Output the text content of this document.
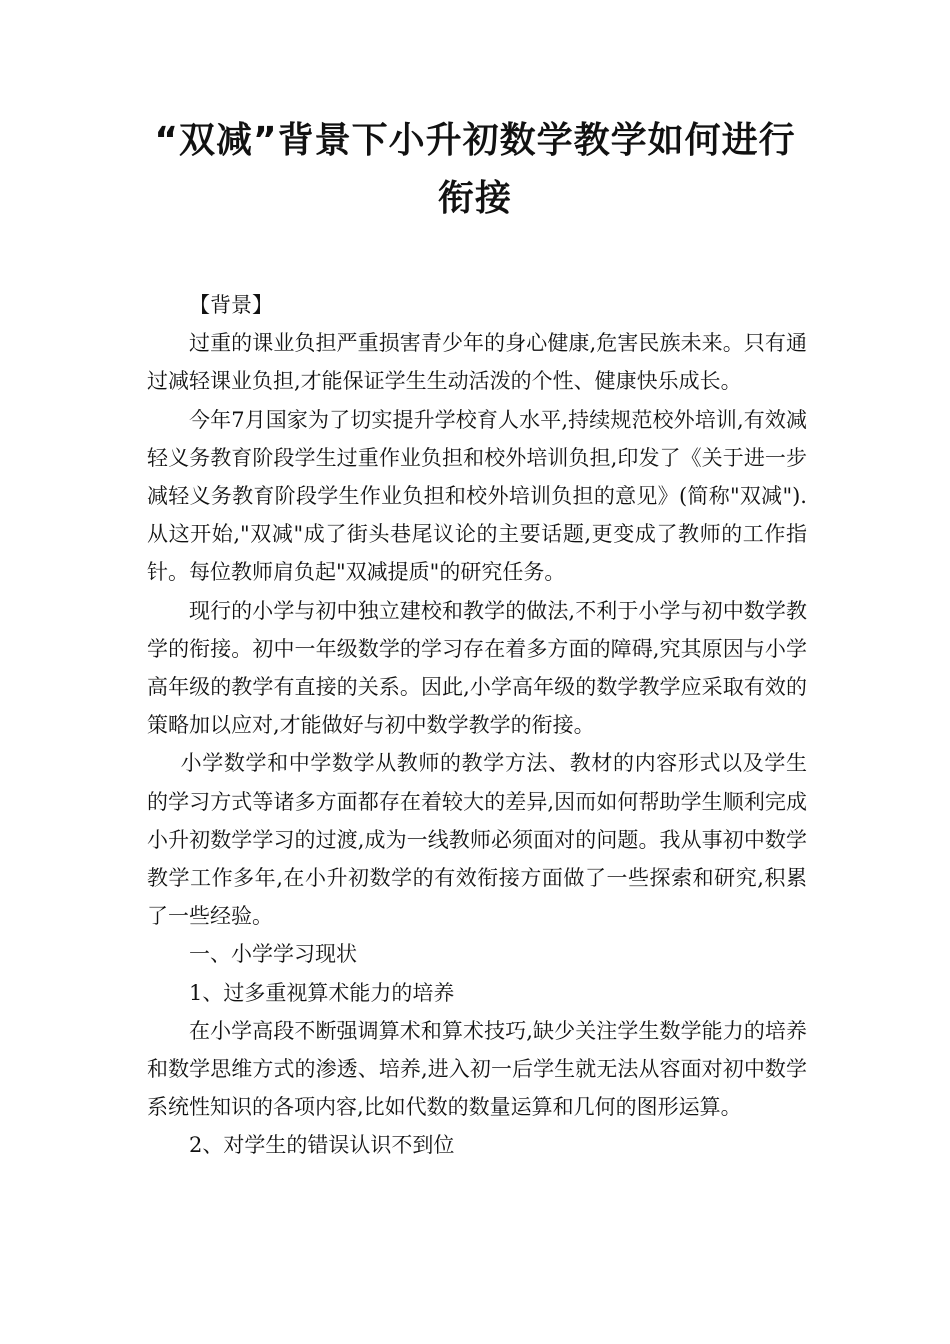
“双减”背景下小升初数学教学如何进行衔接

【背景】

过重的课业负担严重损害青少年的身心健康,危害民族未来。只有通过减轻课业负担,才能保证学生生动活泼的个性、健康快乐成长。

今年7月国家为了切实提升学校育人水平,持续规范校外培训,有效减轻义务教育阶段学生过重作业负担和校外培训负担,印发了《关于进一步减轻义务教育阶段学生作业负担和校外培训负担的意见》(简称"双减").从这开始,"双减"成了街头巷尾议论的主要话题,更变成了教师的工作指针。每位教师肩负起"双减提质"的研究任务。

现行的小学与初中独立建校和教学的做法,不利于小学与初中数学教学的衔接。初中一年级数学的学习存在着多方面的障碍,究其原因与小学高年级的教学有直接的关系。因此,小学高年级的数学教学应采取有效的策略加以应对,才能做好与初中数学教学的衔接。

小学数学和中学数学从教师的教学方法、教材的内容形式以及学生的学习方式等诸多方面都存在着较大的差异,因而如何帮助学生顺利完成小升初数学学习的过渡,成为一线教师必须面对的问题。我从事初中数学教学工作多年,在小升初数学的有效衔接方面做了一些探索和研究,积累了一些经验。

一、小学学习现状

1、过多重视算术能力的培养

在小学高段不断强调算术和算术技巧,缺少关注学生数学能力的培养和数学思维方式的渗透、培养,进入初一后学生就无法从容面对初中数学系统性知识的各项内容,比如代数的数量运算和几何的图形运算。

2、对学生的错误认识不到位
